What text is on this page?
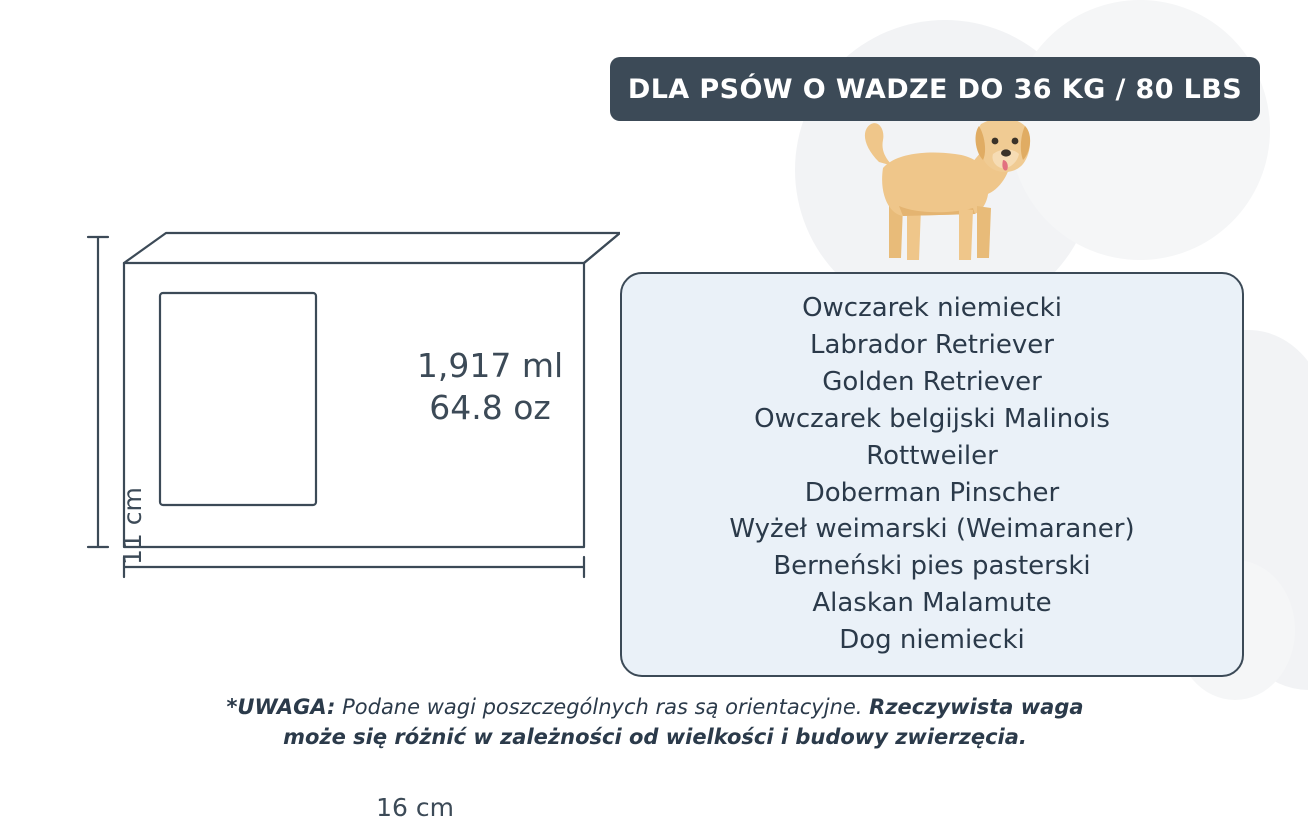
DLA PSÓW O WADZE DO 36 KG / 80 LBS
1,917 ml
64.8 oz
11 cm
16 cm
Owczarek niemiecki
Labrador Retriever
Golden Retriever
Owczarek belgijski Malinois
Rottweiler
Doberman Pinscher
Wyżeł weimarski (Weimaraner)
Berneński pies pasterski
Alaskan Malamute
Dog niemiecki
*UWAGA: Podane wagi poszczególnych ras są orientacyjne. Rzeczywista waga może się różnić w zależności od wielkości i budowy zwierzęcia.
